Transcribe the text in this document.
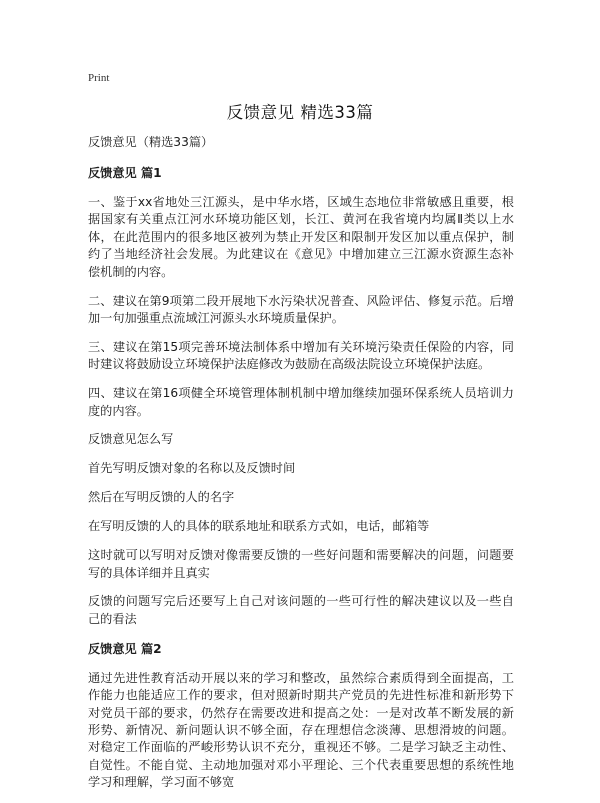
Print
反馈意见 精选33篇

反馈意见（精选33篇）

反馈意见 篇1

一、鉴于xx省地处三江源头，是中华水塔，区域生态地位非常敏感且重要，根据国家有关重点江河水环境功能区划，长江、黄河在我省境内均属Ⅱ类以上水体，在此范围内的很多地区被列为禁止开发区和限制开发区加以重点保护，制约了当地经济社会发展。为此建议在《意见》中增加建立三江源水资源生态补偿机制的内容。

二、建议在第9项第二段开展地下水污染状况普查、风险评估、修复示范。后增加一句加强重点流域江河源头水环境质量保护。

三、建议在第15项完善环境法制体系中增加有关环境污染责任保险的内容，同时建议将鼓励设立环境保护法庭修改为鼓励在高级法院设立环境保护法庭。

四、建议在第16项健全环境管理体制机制中增加继续加强环保系统人员培训力度的内容。

反馈意见怎么写

首先写明反馈对象的名称以及反馈时间

然后在写明反馈的人的名字

在写明反馈的人的具体的联系地址和联系方式如，电话，邮箱等

这时就可以写明对反馈对像需要反馈的一些好问题和需要解决的问题，问题要写的具体详细并且真实

反馈的问题写完后还要写上自己对该问题的一些可行性的解决建议以及一些自己的看法

反馈意见 篇2

通过先进性教育活动开展以来的学习和整改，虽然综合素质得到全面提高，工作能力也能适应工作的要求，但对照新时期共产党员的先进性标准和新形势下对党员干部的要求，仍然存在需要改进和提高之处：一是对改革不断发展的新形势、新情况、新问题认识不够全面，存在理想信念淡薄、思想滑坡的问题。对稳定工作面临的严峻形势认识不充分，重视还不够。二是学习缺乏主动性、自觉性。不能自觉、主动地加强对邓小平理论、三个代表重要思想的系统性地学习和理解，学习面不够宽
